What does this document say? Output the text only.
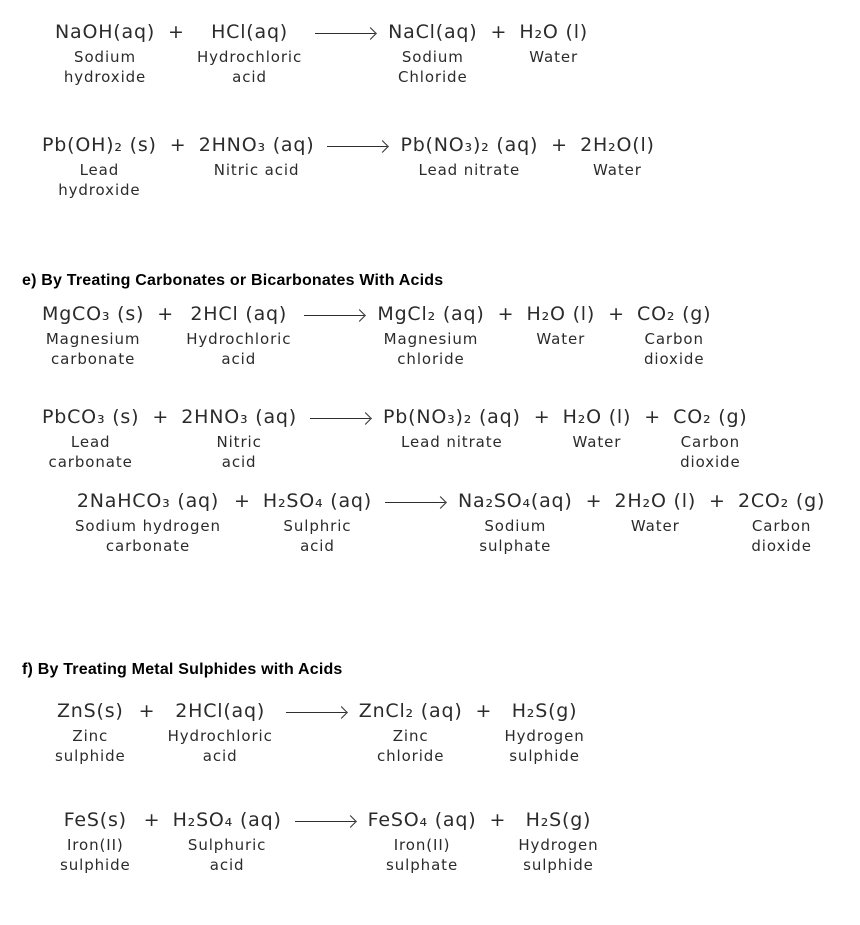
NaOH(aq)
Sodium
hydroxide
+ HCl(aq)
Hydrochloric
acid
NaCl(aq)
Sodium
Chloride
+ H₂O (l)
Water
Pb(OH)₂ (s)
Lead
hydroxide
+ 2HNO₃ (aq)
Nitric acid
Pb(NO₃)₂ (aq)
Lead nitrate
+ 2H₂O(l)
Water
e) By Treating Carbonates or Bicarbonates With Acids
MgCO₃ (s)
Magnesium
carbonate
+ 2HCl (aq)
Hydrochloric
acid
MgCl₂ (aq)
Magnesium
chloride
+ H₂O (l)
Water
+ CO₂ (g)
Carbon
dioxide
PbCO₃ (s)
Lead
carbonate
+ 2HNO₃ (aq)
Nitric
acid
Pb(NO₃)₂ (aq)
Lead nitrate
+ H₂O (l)
Water
+ CO₂ (g)
Carbon
dioxide
2NaHCO₃ (aq)
Sodium hydrogen
carbonate
+ H₂SO₄ (aq)
Sulphric
acid
Na₂SO₄(aq)
Sodium
sulphate
+ 2H₂O (l)
Water
+ 2CO₂ (g)
Carbon
dioxide
f) By Treating Metal Sulphides with Acids
ZnS(s)
Zinc
sulphide
+ 2HCl(aq)
Hydrochloric
acid
ZnCl₂ (aq)
Zinc
chloride
+ H₂S(g)
Hydrogen
sulphide
FeS(s)
Iron(II)
sulphide
+ H₂SO₄ (aq)
Sulphuric
acid
FeSO₄ (aq)
Iron(II)
sulphate
+ H₂S(g)
Hydrogen
sulphide
